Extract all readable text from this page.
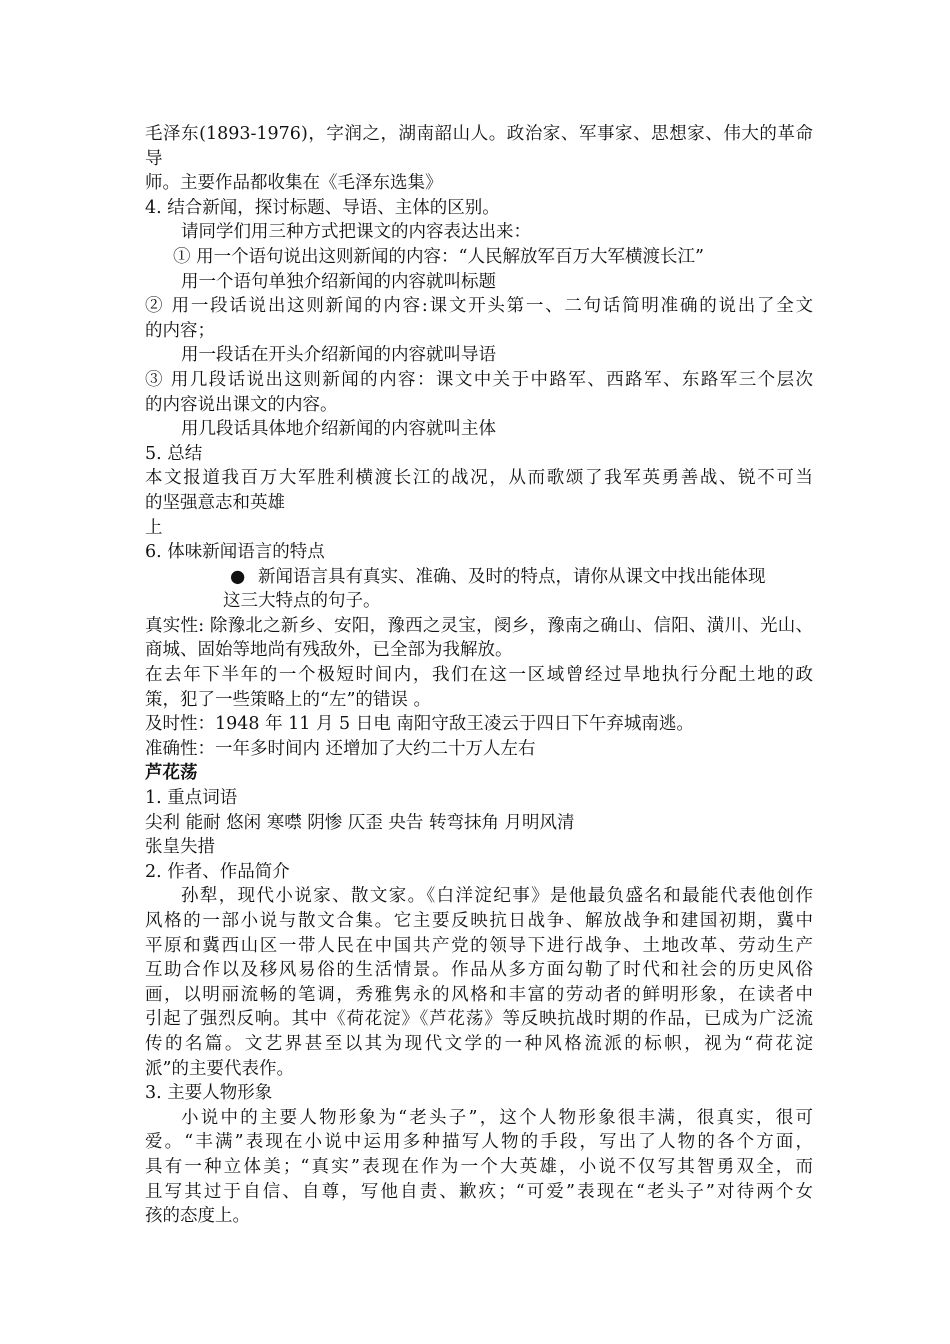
毛泽东(1893-1976)，字润之，湖南韶山人。政治家、军事家、思想家、伟大的革命导

师。主要作品都收集在《毛泽东选集》

4. 结合新闻，探讨标题、导语、主体的区别。

请同学们用三种方式把课文的内容表达出来：

① 用一个语句说出这则新闻的内容：“人民解放军百万大军横渡长江”

用一个语句单独介绍新闻的内容就叫标题

② 用一段话说出这则新闻的内容:课文开头第一、二句话简明准确的说出了全文

的内容；

用一段话在开头介绍新闻的内容就叫导语

③ 用几段话说出这则新闻的内容：课文中关于中路军、西路军、东路军三个层次

的内容说出课文的内容。

用几段话具体地介绍新闻的内容就叫主体

5. 总结

本文报道我百万大军胜利横渡长江的战况，从而歌颂了我军英勇善战、锐不可当

的坚强意志和英雄

上

6. 体味新闻语言的特点

● 新闻语言具有真实、准确、及时的特点，请你从课文中找出能体现

这三大特点的句子。

真实性: 除豫北之新乡、安阳，豫西之灵宝，阌乡，豫南之确山、信阳、潢川、光山、

商城、固始等地尚有残敌外，已全部为我解放。

在去年下半年的一个极短时间内，我们在这一区域曾经过旱地执行分配土地的政

策，犯了一些策略上的“左”的错误 。

及时性：1948 年 11 月 5 日电 南阳守敌王凌云于四日下午弃城南逃。

准确性：一年多时间内 还增加了大约二十万人左右

芦花荡

1. 重点词语

尖利 能耐 悠闲 寒噤 阴惨 仄歪 央告 转弯抹角 月明风清

张皇失措

2. 作者、作品简介

孙犁，现代小说家、散文家。《白洋淀纪事》是他最负盛名和最能代表他创作

风格的一部小说与散文合集。它主要反映抗日战争、解放战争和建国初期，冀中

平原和冀西山区一带人民在中国共产党的领导下进行战争、土地改革、劳动生产

互助合作以及移风易俗的生活情景。作品从多方面勾勒了时代和社会的历史风俗

画，以明丽流畅的笔调，秀雅隽永的风格和丰富的劳动者的鲜明形象，在读者中

引起了强烈反响。其中《荷花淀》《芦花荡》等反映抗战时期的作品，已成为广泛流

传的名篇。文艺界甚至以其为现代文学的一种风格流派的标帜，视为“荷花淀

派”的主要代表作。

3. 主要人物形象

小说中的主要人物形象为“老头子”，这个人物形象很丰满，很真实，很可

爱。“丰满”表现在小说中运用多种描写人物的手段，写出了人物的各个方面，

具有一种立体美；“真实”表现在作为一个大英雄，小说不仅写其智勇双全，而

且写其过于自信、自尊，写他自责、歉疚；“可爱”表现在“老头子”对待两个女

孩的态度上。
